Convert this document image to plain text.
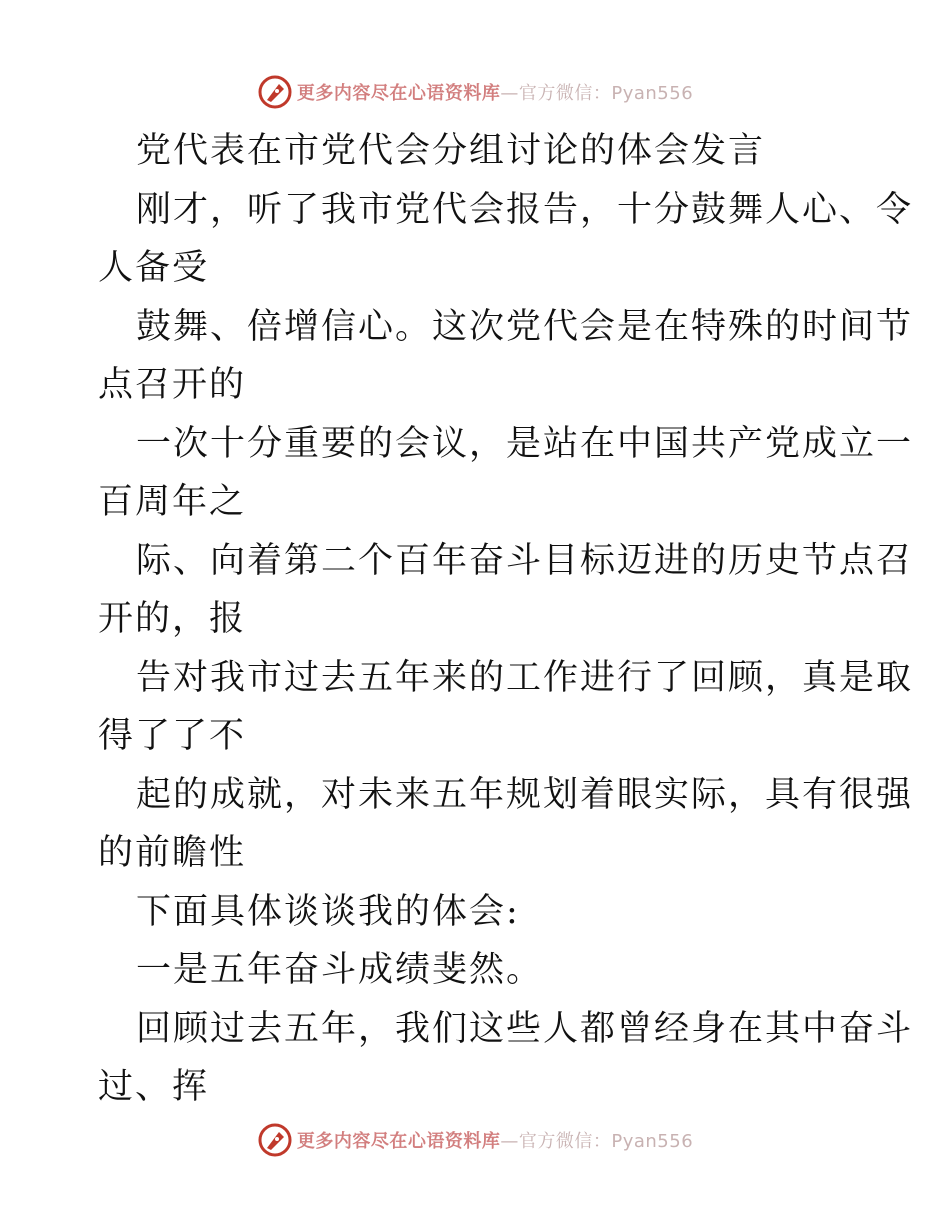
更多内容尽在心语资料库—官方微信：Pyan556
党代表在市党代会分组讨论的体会发言
刚才，听了我市党代会报告，十分鼓舞人心、令
人备受
鼓舞、倍增信心。这次党代会是在特殊的时间节
点召开的
一次十分重要的会议，是站在中国共产党成立一
百周年之
际、向着第二个百年奋斗目标迈进的历史节点召
开的，报
告对我市过去五年来的工作进行了回顾，真是取
得了了不
起的成就，对未来五年规划着眼实际，具有很强
的前瞻性
下面具体谈谈我的体会:
一是五年奋斗成绩斐然。
回顾过去五年，我们这些人都曾经身在其中奋斗
过、挥
更多内容尽在心语资料库—官方微信：Pyan556
